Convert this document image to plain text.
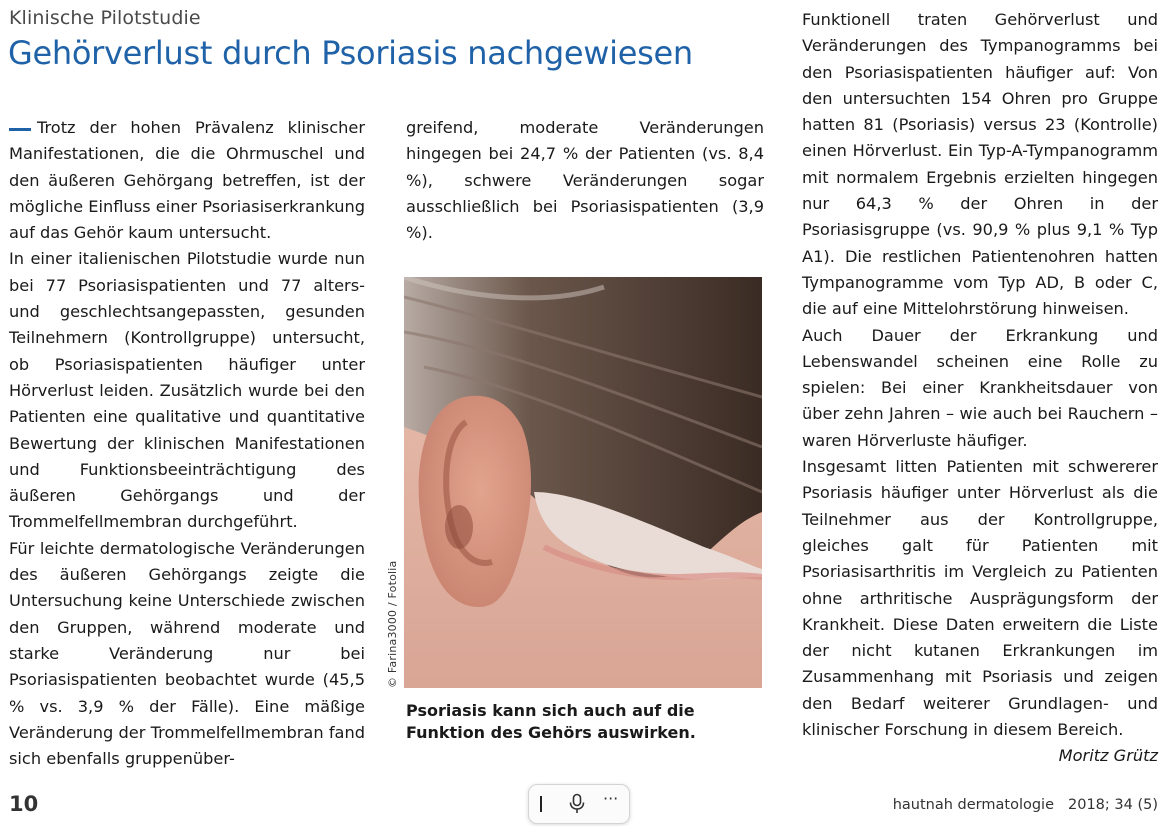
Klinische Pilotstudie
Gehörverlust durch Psoriasis nachgewiesen

Trotz der hohen Prävalenz klinischer Manifestationen, die die Ohrmuschel und den äußeren Gehörgang betreffen, ist der mögliche Einfluss einer Psoriasiserkrankung auf das Gehör kaum untersucht.

In einer italienischen Pilotstudie wurde nun bei 77 Psoriasispatienten und 77 alters- und geschlechtsangepassten, gesunden Teilnehmern (Kontrollgruppe) untersucht, ob Psoriasispatienten häufiger unter Hörverlust leiden. Zusätzlich wurde bei den Patienten eine qualitative und quantitative Bewertung der klinischen Manifestationen und Funktionsbeeinträchtigung des äußeren Gehörgangs und der Trommelfellmembran durchgeführt.

Für leichte dermatologische Veränderungen des äußeren Gehörgangs zeigte die Untersuchung keine Unterschiede zwischen den Gruppen, während moderate und starke Veränderung nur bei Psoriasispatienten beobachtet wurde (45,5 % vs. 3,9 % der Fälle). Eine mäßige Veränderung der Trommelfellmembran fand sich ebenfalls gruppenüber-

greifend, moderate Veränderungen hingegen bei 24,7 % der Patienten (vs. 8,4 %), schwere Veränderungen sogar ausschließlich bei Psoriasispatienten (3,9 %).

© Farina3000 / Fotolia
Psoriasis kann sich auch auf die Funktion des Gehörs auswirken.

Funktionell traten Gehörverlust und Veränderungen des Tympanogramms bei den Psoriasispatienten häufiger auf: Von den untersuchten 154 Ohren pro Gruppe hatten 81 (Psoriasis) versus 23 (Kontrolle) einen Hörverlust. Ein Typ-A-Tympanogramm mit normalem Ergebnis erzielten hingegen nur 64,3 % der Ohren in der Psoriasisgruppe (vs. 90,9 % plus 9,1 % Typ A1). Die restlichen Patientenohren hatten Tympanogramme vom Typ AD, B oder C, die auf eine Mittelohrstörung hinweisen.

Auch Dauer der Erkrankung und Lebenswandel scheinen eine Rolle zu spielen: Bei einer Krankheitsdauer von über zehn Jahren – wie auch bei Rauchern – waren Hörverluste häufiger.

Insgesamt litten Patienten mit schwererer Psoriasis häufiger unter Hörverlust als die Teilnehmer aus der Kontrollgruppe, gleiches galt für Patienten mit Psoriasisarthritis im Vergleich zu Patienten ohne arthritische Ausprägungsform der Krankheit. Diese Daten erweitern die Liste der nicht kutanen Erkrankungen im Zusammenhang mit Psoriasis und zeigen den Bedarf weiterer Grundlagen- und klinischer Forschung in diesem Bereich.
Moritz Grütz

10	hautnah dermatologie 2018; 34 (5)
···
